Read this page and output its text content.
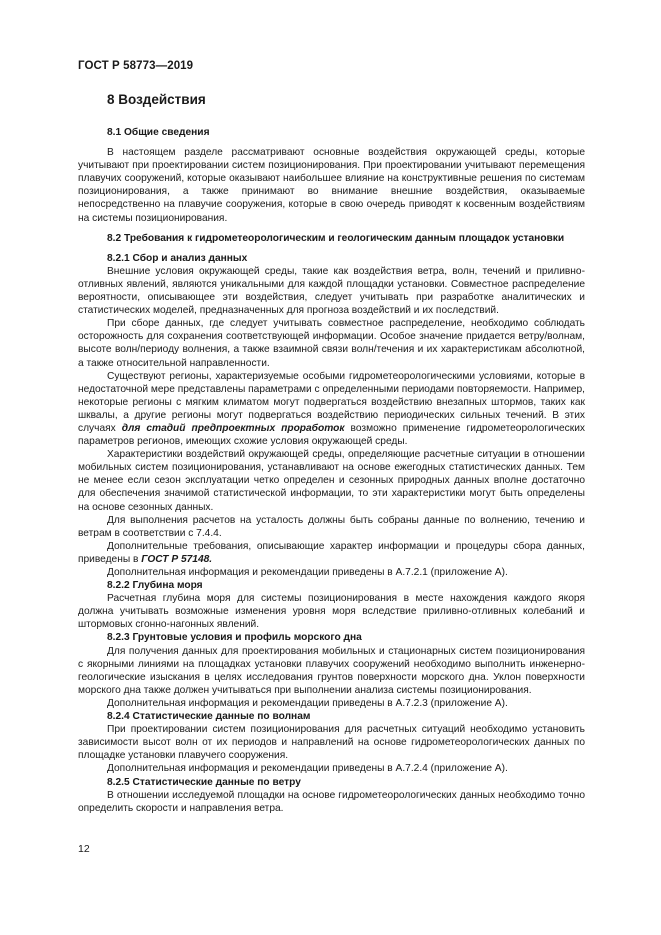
ГОСТ Р 58773—2019
8 Воздействия
8.1 Общие сведения

В настоящем разделе рассматривают основные воздействия окружающей среды, которые учитывают при проектировании систем позиционирования. При проектировании учитывают перемещения плавучих сооружений, которые оказывают наибольшее влияние на конструктивные решения по системам позиционирования, а также принимают во внимание внешние воздействия, оказываемые непосредственно на плавучие сооружения, которые в свою очередь приводят к косвенным воздействиям на системы позиционирования.

8.2 Требования к гидрометеорологическим и геологическим данным площадок установки
8.2.1 Сбор и анализ данных

Внешние условия окружающей среды, такие как воздействия ветра, волн, течений и приливно-отливных явлений, являются уникальными для каждой площадки установки. Совместное распределение вероятности, описывающее эти воздействия, следует учитывать при разработке аналитических и статистических моделей, предназначенных для прогноза воздействий и их последствий.

При сборе данных, где следует учитывать совместное распределение, необходимо соблюдать осторожность для сохранения соответствующей информации. Особое значение придается ветру/волнам, высоте волн/периоду волнения, а также взаимной связи волн/течения и их характеристикам абсолютной, а также относительной направленности.

Существуют регионы, характеризуемые особыми гидрометеорологическими условиями, которые в недостаточной мере представлены параметрами с определенными периодами повторяемости. Например, некоторые регионы с мягким климатом могут подвергаться воздействию внезапных штормов, таких как шквалы, а другие регионы могут подвергаться воздействию периодических сильных течений. В этих случаях для стадий предпроектных проработок возможно применение гидрометеорологических параметров регионов, имеющих схожие условия окружающей среды.

Характеристики воздействий окружающей среды, определяющие расчетные ситуации в отношении мобильных систем позиционирования, устанавливают на основе ежегодных статистических данных. Тем не менее если сезон эксплуатации четко определен и сезонных природных данных вполне достаточно для обеспечения значимой статистической информации, то эти характеристики могут быть определены на основе сезонных данных.

Для выполнения расчетов на усталость должны быть собраны данные по волнению, течению и ветрам в соответствии с 7.4.4.

Дополнительные требования, описывающие характер информации и процедуры сбора данных, приведены в ГОСТ Р 57148.

Дополнительная информация и рекомендации приведены в А.7.2.1 (приложение А).

8.2.2 Глубина моря

Расчетная глубина моря для системы позиционирования в месте нахождения каждого якоря должна учитывать возможные изменения уровня моря вследствие приливно-отливных колебаний и штормовых сгонно-нагонных явлений.

8.2.3 Грунтовые условия и профиль морского дна

Для получения данных для проектирования мобильных и стационарных систем позиционирования с якорными линиями на площадках установки плавучих сооружений необходимо выполнить инженерно-геологические изыскания в целях исследования грунтов поверхности морского дна. Уклон поверхности морского дна также должен учитываться при выполнении анализа системы позиционирования.

Дополнительная информация и рекомендации приведены в А.7.2.3 (приложение А).

8.2.4 Статистические данные по волнам

При проектировании систем позиционирования для расчетных ситуаций необходимо установить зависимости высот волн от их периодов и направлений на основе гидрометеорологических данных по площадке установки плавучего сооружения.

Дополнительная информация и рекомендации приведены в А.7.2.4 (приложение А).

8.2.5 Статистические данные по ветру

В отношении исследуемой площадки на основе гидрометеорологических данных необходимо точно определить скорости и направления ветра.

12
